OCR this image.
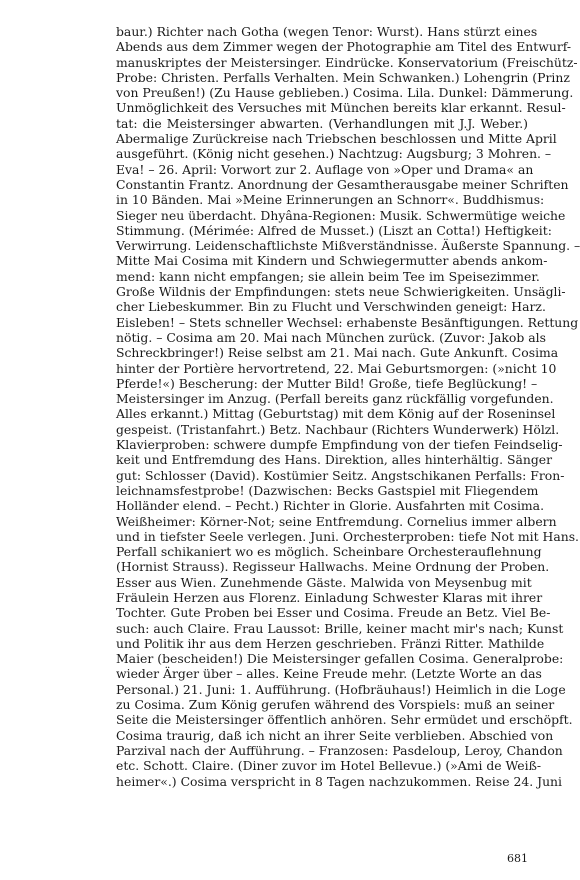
baur.) Richter nach Gotha (wegen Tenor: Wurst). Hans stürzt eines
Abends aus dem Zimmer wegen der Photographie am Titel des Entwurf-
manuskriptes der Meistersinger. Eindrücke. Konservatorium (Freischütz-
Probe: Christen. Perfalls Verhalten. Mein Schwanken.) Lohengrin (Prinz
von Preußen!) (Zu Hause geblieben.) Cosima. Lila. Dunkel: Dämmerung.
Unmöglichkeit des Versuches mit München bereits klar erkannt. Resul-
tat: die Meistersinger abwarten. (Verhandlungen mit J.J. Weber.)
Abermalige Zurückreise nach Triebschen beschlossen und Mitte April
ausgeführt. (König nicht gesehen.) Nachtzug: Augsburg; 3 Mohren. –
Eva! – 26. April: Vorwort zur 2. Auflage von »Oper und Drama« an
Constantin Frantz. Anordnung der Gesamtherausgabe meiner Schriften
in 10 Bänden. Mai »Meine Erinnerungen an Schnorr«. Buddhismus:
Sieger neu überdacht. Dhyâna-Regionen: Musik. Schwermütige weiche
Stimmung. (Mérimée: Alfred de Musset.) (Liszt an Cotta!) Heftigkeit:
Verwirrung. Leidenschaftlichste Mißverständnisse. Äußerste Spannung. –
Mitte Mai Cosima mit Kindern und Schwiegermutter abends ankom-
mend: kann nicht empfangen; sie allein beim Tee im Speisezimmer.
Große Wildnis der Empfindungen: stets neue Schwierigkeiten. Unsägli-
cher Liebeskummer. Bin zu Flucht und Verschwinden geneigt: Harz.
Eisleben! – Stets schneller Wechsel: erhabenste Besänftigungen. Rettung
nötig. – Cosima am 20. Mai nach München zurück. (Zuvor: Jakob als
Schreckbringer!) Reise selbst am 21. Mai nach. Gute Ankunft. Cosima
hinter der Portière hervortretend, 22. Mai Geburtsmorgen: (»nicht 10
Pferde!«) Bescherung: der Mutter Bild! Große, tiefe Beglückung! –
Meistersinger im Anzug. (Perfall bereits ganz rückfällig vorgefunden.
Alles erkannt.) Mittag (Geburtstag) mit dem König auf der Roseninsel
gespeist. (Tristanfahrt.) Betz. Nachbaur (Richters Wunderwerk) Hölzl.
Klavierproben: schwere dumpfe Empfindung von der tiefen Feindselig-
keit und Entfremdung des Hans. Direktion, alles hinterhältig. Sänger
gut: Schlosser (David). Kostümier Seitz. Angstschikanen Perfalls: Fron-
leichnamsfestprobe! (Dazwischen: Becks Gastspiel mit Fliegendem
Holländer elend. – Pecht.) Richter in Glorie. Ausfahrten mit Cosima.
Weißheimer: Körner-Not; seine Entfremdung. Cornelius immer albern
und in tiefster Seele verlegen. Juni. Orchesterproben: tiefe Not mit Hans.
Perfall schikaniert wo es möglich. Scheinbare Orchesterauflehnung
(Hornist Strauss). Regisseur Hallwachs. Meine Ordnung der Proben.
Esser aus Wien. Zunehmende Gäste. Malwida von Meysenbug mit
Fräulein Herzen aus Florenz. Einladung Schwester Klaras mit ihrer
Tochter. Gute Proben bei Esser und Cosima. Freude an Betz. Viel Be-
such: auch Claire. Frau Laussot: Brille, keiner macht mir's nach; Kunst
und Politik ihr aus dem Herzen geschrieben. Fränzi Ritter. Mathilde
Maier (bescheiden!) Die Meistersinger gefallen Cosima. Generalprobe:
wieder Ärger über – alles. Keine Freude mehr. (Letzte Worte an das
Personal.) 21. Juni: 1. Aufführung. (Hofbräuhaus!) Heimlich in die Loge
zu Cosima. Zum König gerufen während des Vorspiels: muß an seiner
Seite die Meistersinger öffentlich anhören. Sehr ermüdet und erschöpft.
Cosima traurig, daß ich nicht an ihrer Seite verblieben. Abschied von
Parzival nach der Aufführung. – Franzosen: Pasdeloup, Leroy, Chandon
etc. Schott. Claire. (Diner zuvor im Hotel Bellevue.) (»Ami de Weiß-
heimer«.) Cosima verspricht in 8 Tagen nachzukommen. Reise 24. Juni
681
